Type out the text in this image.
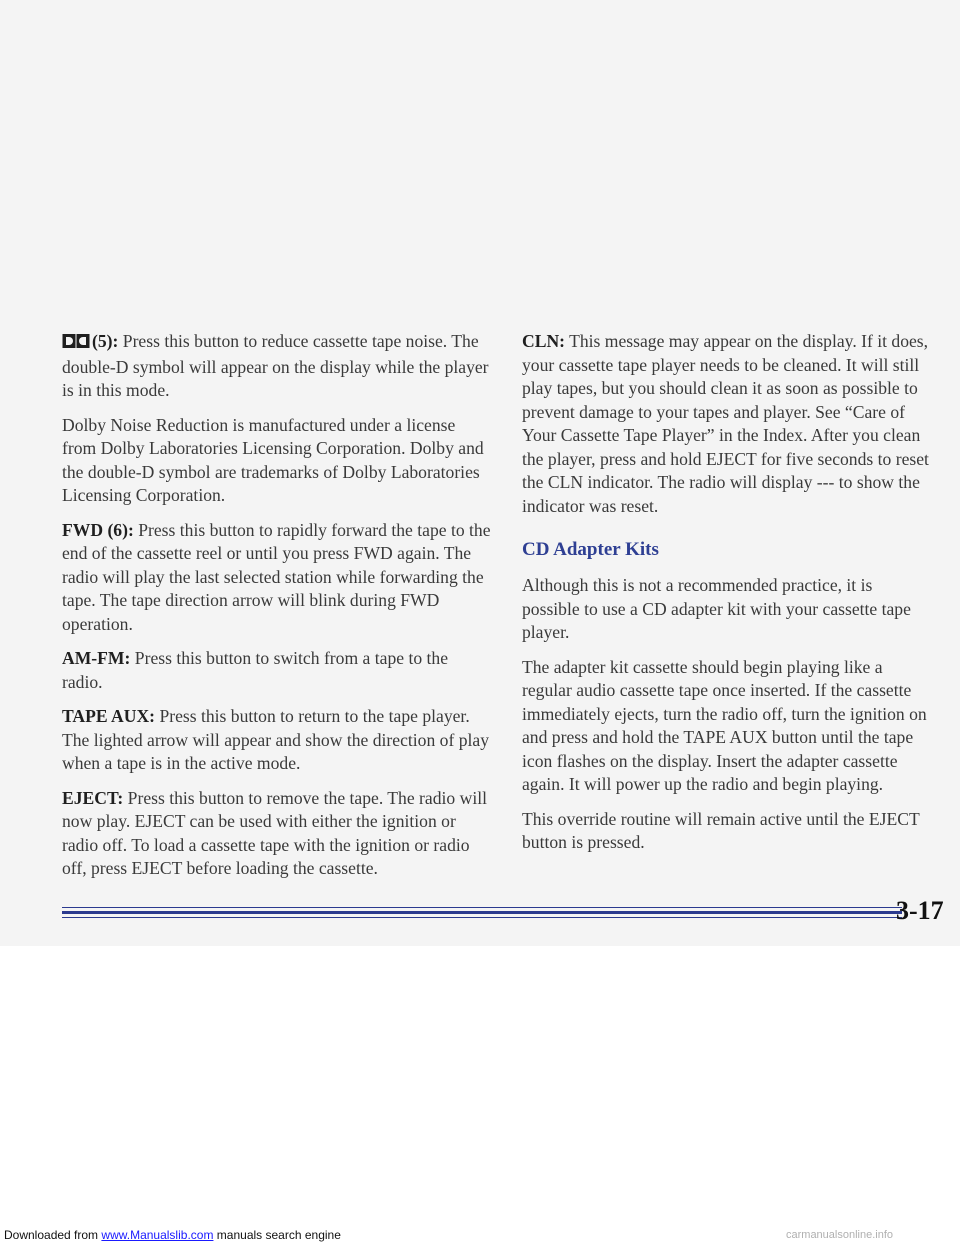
(5): Press this button to reduce cassette tape noise. The double-D symbol will appear on the display while the player is in this mode.

Dolby Noise Reduction is manufactured under a license from Dolby Laboratories Licensing Corporation. Dolby and the double-D symbol are trademarks of Dolby Laboratories Licensing Corporation.

FWD (6): Press this button to rapidly forward the tape to the end of the cassette reel or until you press FWD again. The radio will play the last selected station while forwarding the tape. The tape direction arrow will blink during FWD operation.

AM-FM: Press this button to switch from a tape to the radio.

TAPE AUX: Press this button to return to the tape player. The lighted arrow will appear and show the direction of play when a tape is in the active mode.

EJECT: Press this button to remove the tape. The radio will now play. EJECT can be used with either the ignition or radio off. To load a cassette tape with the ignition or radio off, press EJECT before loading the cassette.

CLN: This message may appear on the display. If it does, your cassette tape player needs to be cleaned. It will still play tapes, but you should clean it as soon as possible to prevent damage to your tapes and player. See “Care of Your Cassette Tape Player” in the Index. After you clean the player, press and hold EJECT for five seconds to reset the CLN indicator. The radio will display --- to show the indicator was reset.

CD Adapter Kits

Although this is not a recommended practice, it is possible to use a CD adapter kit with your cassette tape player.

The adapter kit cassette should begin playing like a regular audio cassette tape once inserted. If the cassette immediately ejects, turn the radio off, turn the ignition on and press and hold the TAPE AUX button until the tape icon flashes on the display. Insert the adapter cassette again. It will power up the radio and begin playing.

This override routine will remain active until the EJECT button is pressed.

3-17
Downloaded from www.Manualslib.com manuals search engine	carmanualsonline.info
